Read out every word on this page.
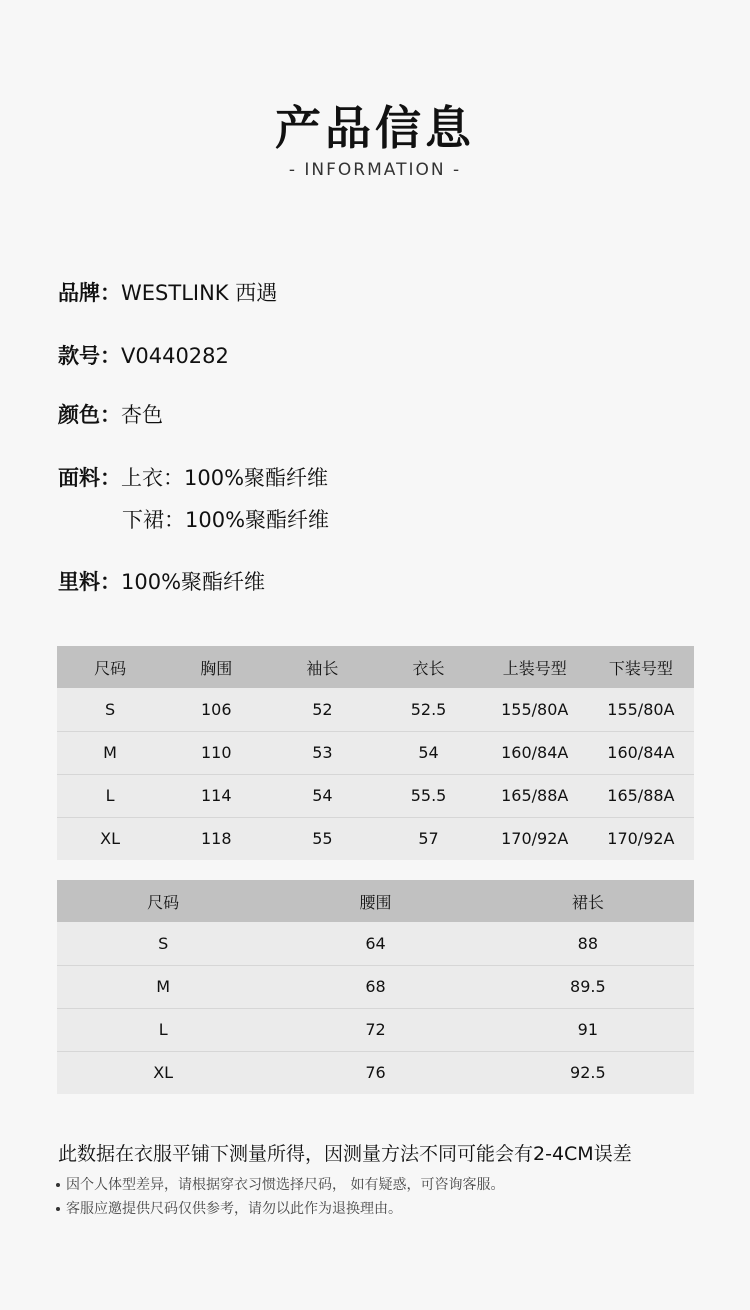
产品信息
- INFORMATION -
品牌：WESTLINK 西遇
款号：V0440282
颜色：杏色
面料：上衣：100%聚酯纤维
下裙：100%聚酯纤维
里料：100%聚酯纤维
尺码	胸围	袖长	衣长	上装号型	下装号型
S	106	52	52.5	155/80A	155/80A
M	110	53	54	160/84A	160/84A
L	114	54	55.5	165/88A	165/88A
XL	118	55	57	170/92A	170/92A
尺码	腰围	裙长
S	64	88
M	68	89.5
L	72	91
XL	76	92.5
此数据在衣服平铺下测量所得，因测量方法不同可能会有2-4CM误差
因个人体型差异，请根据穿衣习惯选择尺码， 如有疑惑，可咨询客服。
客服应邀提供尺码仅供参考，请勿以此作为退换理由。
